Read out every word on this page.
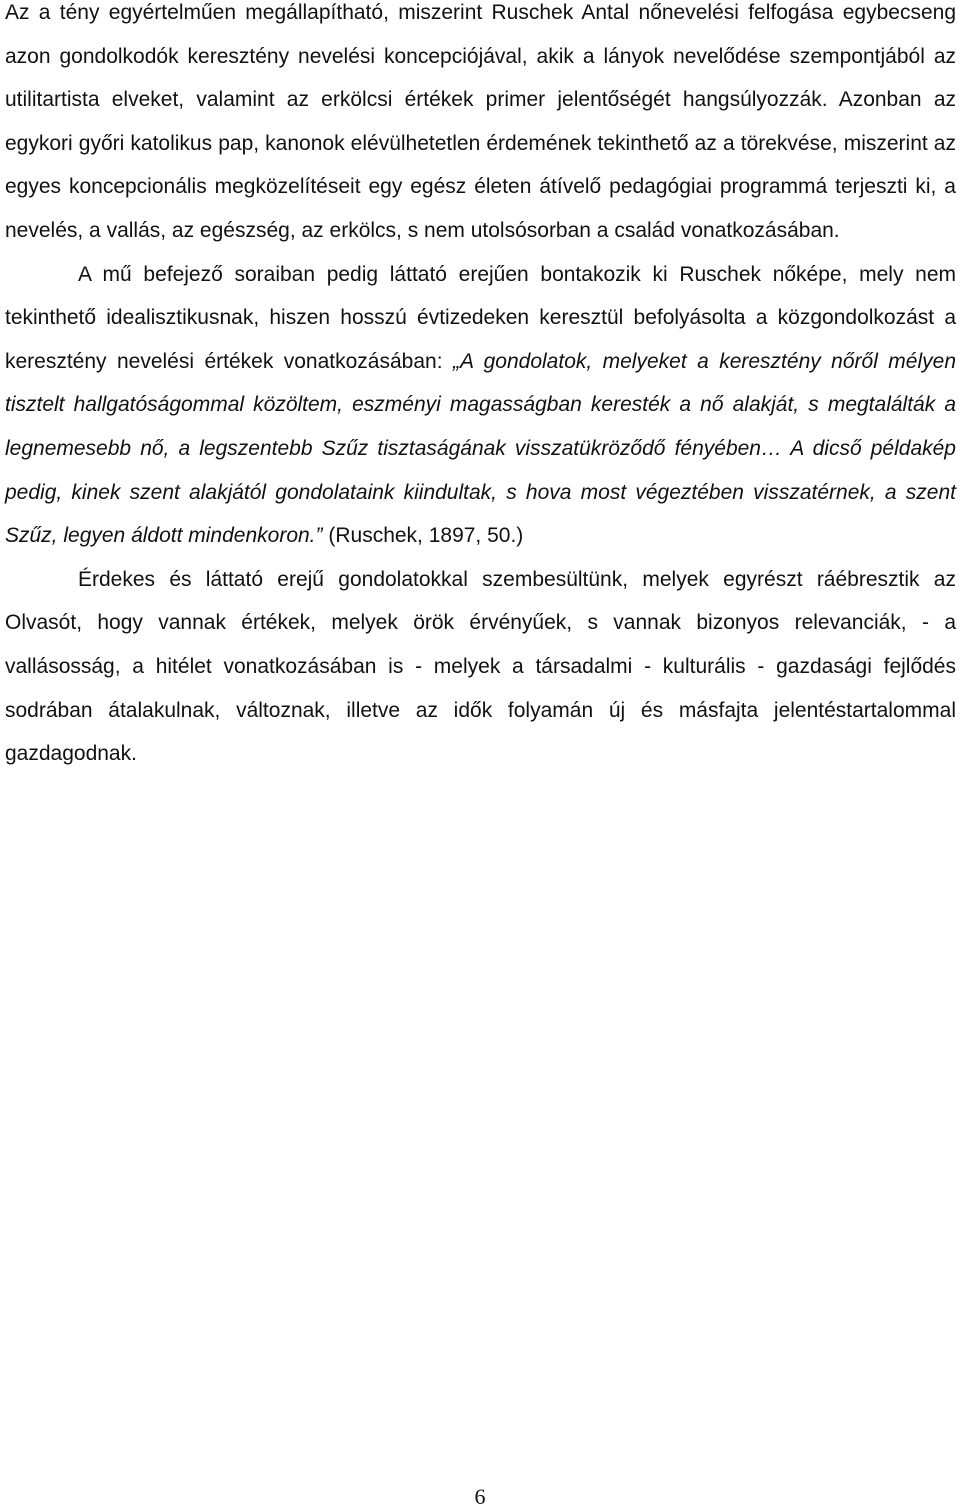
Az a tény egyértelműen megállapítható, miszerint Ruschek Antal nőnevelési felfogása egybecseng azon gondolkodók keresztény nevelési koncepciójával, akik a lányok nevelődése szempontjából az utilitartista elveket, valamint az erkölcsi értékek primer jelentőségét hangsúlyozzák. Azonban az egykori győri katolikus pap, kanonok elévülhetetlen érdemének tekinthető az a törekvése, miszerint az egyes koncepcionális megközelítéseit egy egész életen átívelő pedagógiai programmá terjeszti ki, a nevelés, a vallás, az egészség, az erkölcs, s nem utolsósorban a család vonatkozásában.

A mű befejező soraiban pedig láttató erejűen bontakozik ki Ruschek nőképe, mely nem tekinthető idealisztikusnak, hiszen hosszú évtizedeken keresztül befolyásolta a közgondolkozást a keresztény nevelési értékek vonatkozásában: „A gondolatok, melyeket a keresztény nőről mélyen tisztelt hallgatóságommal közöltem, eszményi magasságban keresték a nő alakját, s megtalálták a legnemesebb nő, a legszentebb Szűz tisztaságának visszatükröződő fényében… A dicső példakép pedig, kinek szent alakjától gondolataink kiindultak, s hova most végeztében visszatérnek, a szent Szűz, legyen áldott mindenkoron.” (Ruschek, 1897, 50.)

Érdekes és láttató erejű gondolatokkal szembesültünk, melyek egyrészt ráébresztik az Olvasót, hogy vannak értékek, melyek örök érvényűek, s vannak bizonyos relevanciák, - a vallásosság, a hitélet vonatkozásában is - melyek a társadalmi - kulturális - gazdasági fejlődés sodrában átalakulnak, változnak, illetve az idők folyamán új és másfajta jelentéstartalommal gazdagodnak.

6
